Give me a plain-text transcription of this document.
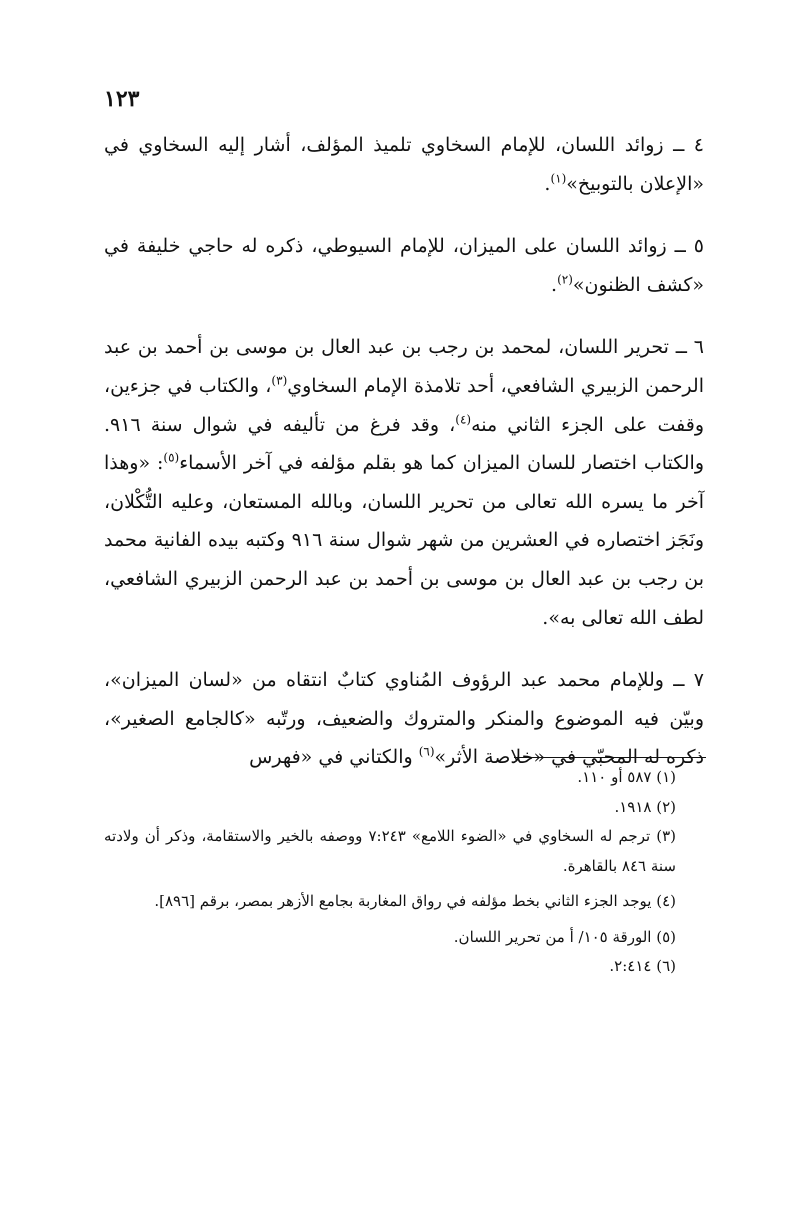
١٢٣

٤ ــ زوائد اللسان، للإمام السخاوي تلميذ المؤلف، أشار إليه السخاوي في «الإعلان بالتوبيخ»$^{(١)}$.

٥ ــ زوائد اللسان على الميزان، للإمام السيوطي، ذكره له حاجي خليفة في «كشف الظنون»$^{(٢)}$.

٦ ــ تحرير اللسان، لمحمد بن رجب بن عبد العال بن موسى بن أحمد بن عبد الرحمن الزبيري الشافعي، أحد تلامذة الإمام السخاوي$^{(٣)}$، والكتاب في جزءين، وقفت على الجزء الثاني منه$^{(٤)}$، وقد فرغ من تأليفه في شوال سنة ٩١٦. والكتاب اختصار للسان الميزان كما هو بقلم مؤلفه في آخر الأسماء$^{(٥)}$: «وهذا آخر ما يسره الله تعالى من تحرير اللسان، وبالله المستعان، وعليه التُّكْلان، ونَجَز اختصاره في العشرين من شهر شوال سنة ٩١٦ وكتبه بيده الفانية محمد بن رجب بن عبد العال بن موسى بن أحمد بن عبد الرحمن الزبيري الشافعي، لطف الله تعالى به».

٧ ــ وللإمام محمد عبد الرؤوف المُناوي كتابٌ انتقاه من «لسان الميزان»، وبيّن فيه الموضوع والمنكر والمتروك والضعيف، ورتّبه «كالجامع الصغير»، ذكره له المحبّي في «خلاصة الأثر»$^{(٦)}$ والكتاني في «فهرس

(١) ٥٨٧ أو ١١٠.

(٢) ١٩١٨.

(٣) ترجم له السخاوي في «الضوء اللامع» ٧:٢٤٣ ووصفه بالخير والاستقامة، وذكر أن ولادته سنة ٨٤٦ بالقاهرة.

(٤) يوجد الجزء الثاني بخط مؤلفه في رواق المغاربة بجامع الأزهر بمصر، برقم [٨٩٦].

(٥) الورقة ١٠٥/ أ من تحرير اللسان.

(٦) ٢:٤١٤.
